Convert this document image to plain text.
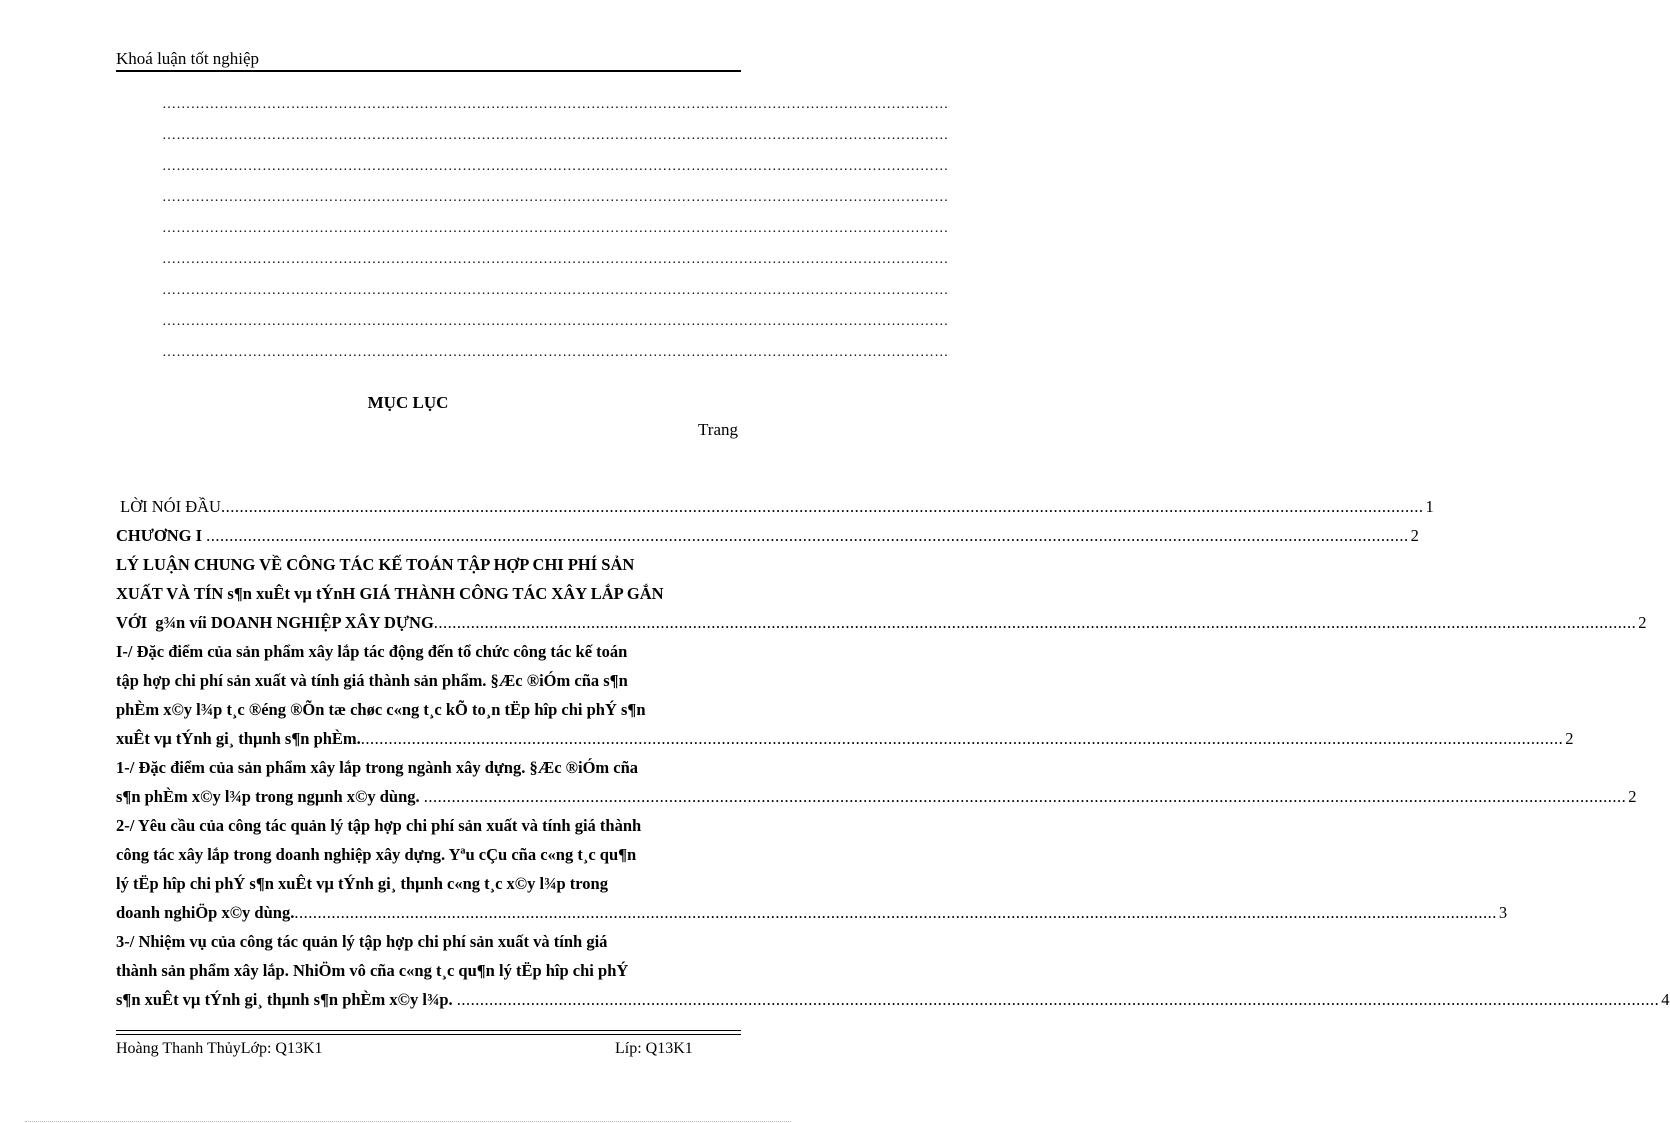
Khoá luận tốt nghiệp
…………………………………………………………………………………………………………………………………………………
…………………………………………………………………………………………………………………………………………………
…………………………………………………………………………………………………………………………………………………
…………………………………………………………………………………………………………………………………………………
…………………………………………………………………………………………………………………………………………………
…………………………………………………………………………………………………………………………………………………
…………………………………………………………………………………………………………………………………………………
…………………………………………………………………………………………………………………………………………………
…………………………………………………………………………………………………………………………………………………
MỤC LỤC
Trang
LỜI NÓI ĐẦU .................................................................................................................................................................................................................................................................... 1
CHƯƠNG I .................................................................................................................................................................................................................................................................... 2
LÝ LUẬN CHUNG VỀ CÔNG TÁC KẾ TOÁN TẬP HỢP CHI PHÍ SẢN
XUẤT VÀ TÍN s¶n xuÊt vµ tÝnH GIÁ THÀNH CÔNG TÁC XÂY LẮP GẮN
VỚI  g¾n víi DOANH NGHIỆP XÂY DỰNG .................................................................................................................................................................................................................................................................... 2
I-/ Đặc điểm của sản phẩm xây lắp tác động đến tổ chức công tác kế toán
tập hợp chi phí sản xuất và tính giá thành sản phẩm. §Æc ®iÓm cña s¶n
phÈm x©y l¾p t¸c ®éng ®Õn tæ chøc c«ng t¸c kÕ to¸n tËp hîp chi phÝ s¶n
xuÊt vµ tÝnh gi¸ thµnh s¶n phÈm. .................................................................................................................................................................................................................................................................... 2
1-/ Đặc điểm của sản phẩm xây lắp trong ngành xây dựng. §Æc ®iÓm cña
s¶n phÈm x©y l¾p trong ngµnh x©y dùng. .................................................................................................................................................................................................................................................................... 2
2-/ Yêu cầu của công tác quản lý tập hợp chi phí sản xuất và tính giá thành
công tác xây lắp trong doanh nghiệp xây dựng. Yªu cÇu cña c«ng t¸c qu¶n
lý tËp hîp chi phÝ s¶n xuÊt vµ tÝnh gi¸ thµnh c«ng t¸c x©y l¾p trong
doanh nghiÖp x©y dùng. .................................................................................................................................................................................................................................................................... 3
3-/ Nhiệm vụ của công tác quản lý tập hợp chi phí sản xuất và tính giá
thành sản phẩm xây lắp. NhiÖm vô cña c«ng t¸c qu¶n lý tËp hîp chi phÝ
s¶n xuÊt vµ tÝnh gi¸ thµnh s¶n phÈm x©y l¾p. .................................................................................................................................................................................................................................................................... 4
Hoàng Thanh ThủyLớp: Q13K1	Líp: Q13K1
